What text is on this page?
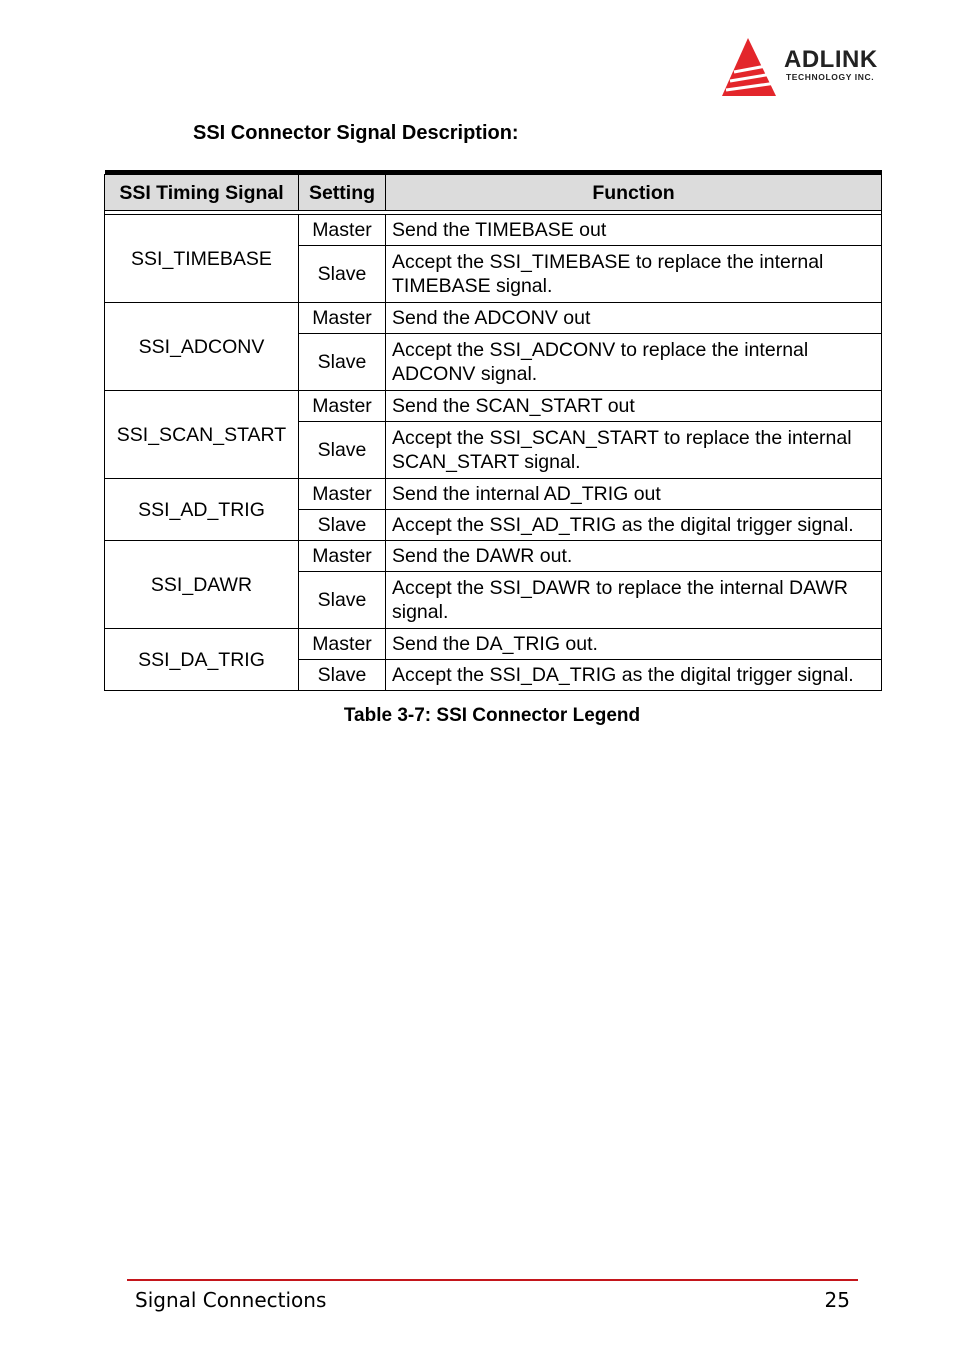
ADLINK
TECHNOLOGY INC.
SSI Connector Signal Description:

SSI Timing Signal	Setting	Function

SSI_TIMEBASE	Master	Send the TIMEBASE out
	Slave	Accept the SSI_TIMEBASE to replace the internal TIMEBASE signal.
SSI_ADCONV	Master	Send the ADCONV out
	Slave	Accept the SSI_ADCONV to replace the internal ADCONV signal.
SSI_SCAN_START	Master	Send the SCAN_START out
	Slave	Accept the SSI_SCAN_START to replace the internal SCAN_START signal.
SSI_AD_TRIG	Master	Send the internal AD_TRIG out
	Slave	Accept the SSI_AD_TRIG as the digital trigger signal.
SSI_DAWR	Master	Send the DAWR out.
	Slave	Accept the SSI_DAWR to replace the internal DAWR signal.
SSI_DA_TRIG	Master	Send the DA_TRIG out.
	Slave	Accept the SSI_DA_TRIG as the digital trigger signal.
Table 3-7: SSI Connector Legend
Signal Connections	25
